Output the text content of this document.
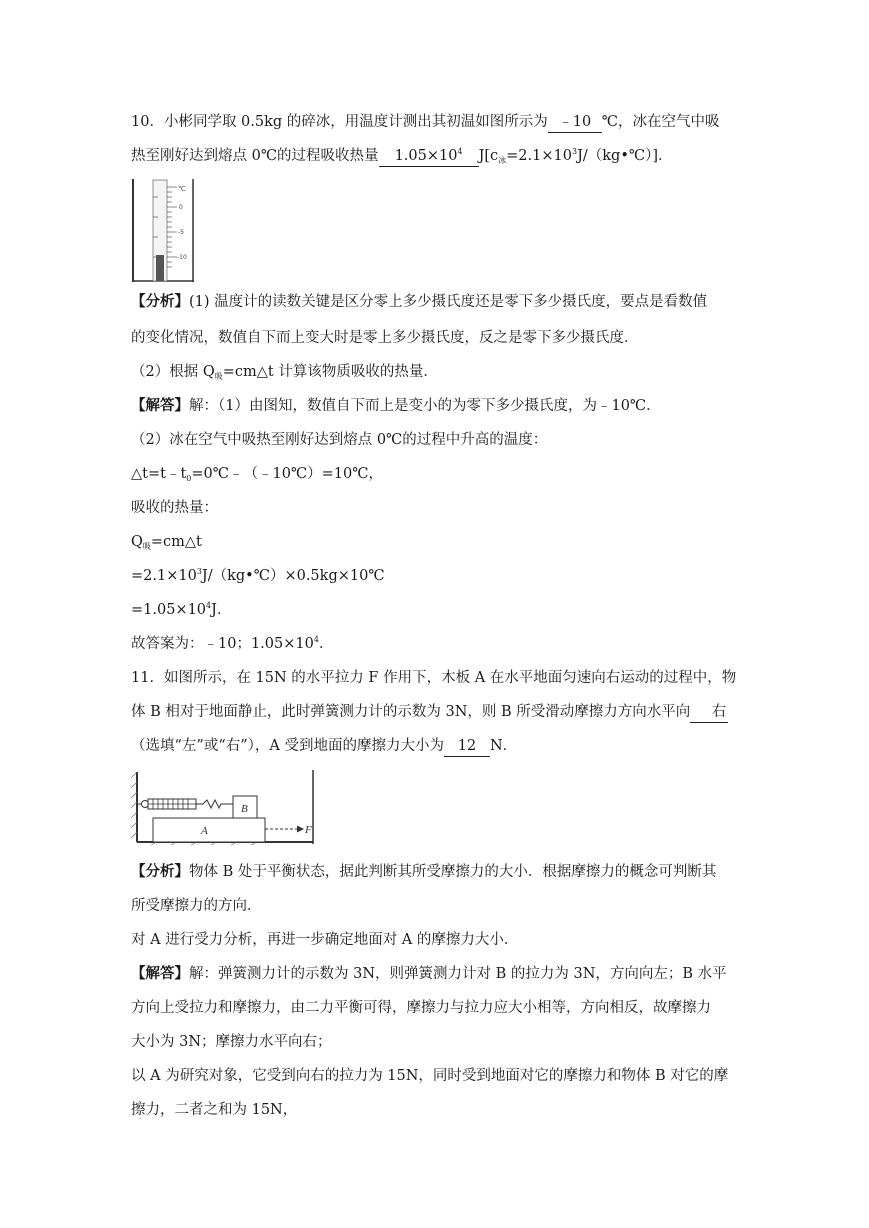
10．小彬同学取 0.5kg 的碎冰，用温度计测出其初温如图所示为 ﹣10 ℃，冰在空气中吸
热至刚好达到熔点 0℃的过程吸收热量 $1.05\times 10^4$ $J[c_冰=2.1\times 10^3J/(kg•℃)]$．
℃
0
-5
-10
【分析】(1) 温度计的读数关键是区分零上多少摄氏度还是零下多少摄氏度，要点是看数值
的变化情况，数值自下而上变大时是零上多少摄氏度，反之是零下多少摄氏度．
（2）根据 $Q_吸=cm\triangle t$ 计算该物质吸收的热量．
【解答】解：（1）由图知，数值自下而上是变小的为零下多少摄氏度，为﹣10℃．
（2）冰在空气中吸热至刚好达到熔点 0℃的过程中升高的温度：
$\triangle t=t﹣t_0=0℃﹣(﹣10℃)=10℃$，
吸收的热量：
$Q_吸=cm\triangle t$
$=2.1\times 10^3J/(kg•℃)\times 0.5kg\times 10℃$
$=1.05\times 10^4J$．
故答案为：﹣10；$1.05\times 10^4$．
11．如图所示，在 15N 的水平拉力 F 作用下，木板 A 在水平地面匀速向右运动的过程中，物
体 B 相对于地面静止，此时弹簧测力计的示数为 3N，则 B 所受滑动摩擦力方向水平向 右
（选填“左”或“右”），A 受到地面的摩擦力大小为 12 N．
B
A	F
【分析】物体 B 处于平衡状态，据此判断其所受摩擦力的大小．根据摩擦力的概念可判断其
所受摩擦力的方向．
对 A 进行受力分析，再进一步确定地面对 A 的摩擦力大小．
【解答】解：弹簧测力计的示数为 3N，则弹簧测力计对 B 的拉力为 3N，方向向左；B 水平
方向上受拉力和摩擦力，由二力平衡可得，摩擦力与拉力应大小相等，方向相反，故摩擦力
大小为 3N；摩擦力水平向右；
以 A 为研究对象，它受到向右的拉力为 15N，同时受到地面对它的摩擦力和物体 B 对它的摩
擦力，二者之和为 15N，
